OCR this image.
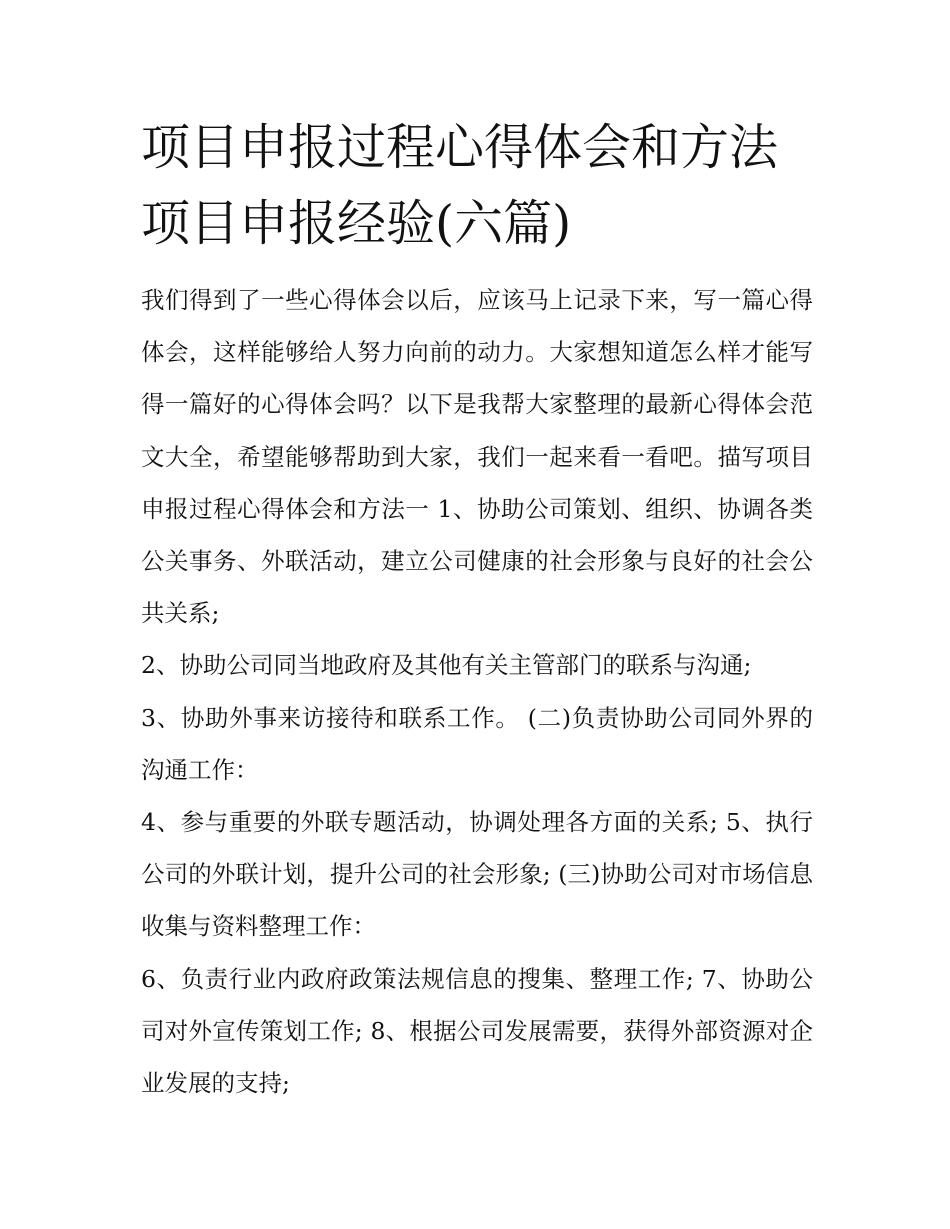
项目申报过程心得体会和方法
项目申报经验(六篇)

我们得到了一些心得体会以后，应该马上记录下来，写一篇心得体会，这样能够给人努力向前的动力。大家想知道怎么样才能写得一篇好的心得体会吗？以下是我帮大家整理的最新心得体会范文大全，希望能够帮助到大家，我们一起来看一看吧。描写项目申报过程心得体会和方法一 1、协助公司策划、组织、协调各类公关事务、外联活动，建立公司健康的社会形象与良好的社会公共关系;

2、协助公司同当地政府及其他有关主管部门的联系与沟通;

3、协助外事来访接待和联系工作。 (二)负责协助公司同外界的沟通工作：

4、参与重要的外联专题活动，协调处理各方面的关系; 5、执行公司的外联计划，提升公司的社会形象; (三)协助公司对市场信息收集与资料整理工作：

6、负责行业内政府政策法规信息的搜集、整理工作; 7、协助公司对外宣传策划工作; 8、根据公司发展需要，获得外部资源对企业发展的支持;
